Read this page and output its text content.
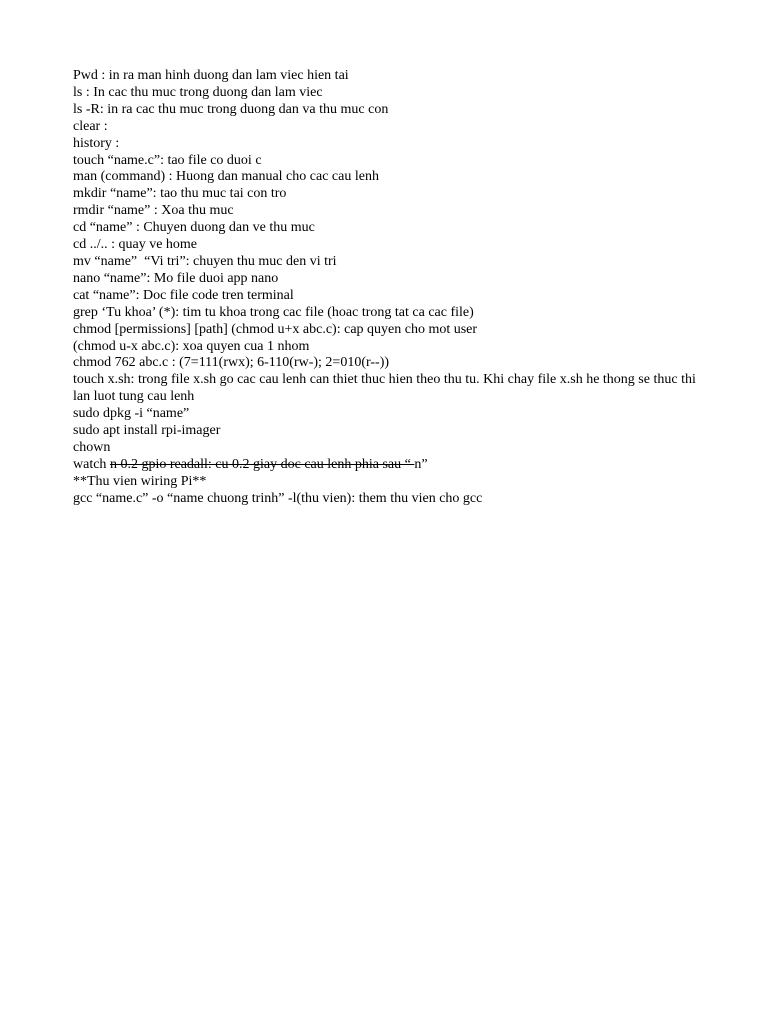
Pwd : in ra man hinh duong dan lam viec hien tai

ls : In cac thu muc trong duong dan lam viec

ls -R: in ra cac thu muc trong duong dan va thu muc con

clear :

history :

touch “name.c”: tao file co duoi c

man (command) : Huong dan manual cho cac cau lenh

mkdir “name”: tao thu muc tai con tro

rmdir “name” : Xoa thu muc

cd “name” : Chuyen duong dan ve thu muc

cd ../.. : quay ve home

mv “name”  “Vi tri”: chuyen thu muc den vi tri

nano “name”: Mo file duoi app nano

cat “name”: Doc file code tren terminal

grep ‘Tu khoa’ (*): tim tu khoa trong cac file (hoac trong tat ca cac file)

chmod [permissions] [path] (chmod u+x abc.c): cap quyen cho mot user

(chmod u-x abc.c): xoa quyen cua 1 nhom

chmod 762 abc.c : (7=111(rwx); 6-110(rw-); 2=010(r--))

touch x.sh: trong file x.sh go cac cau lenh can thiet thuc hien theo thu tu. Khi chay file x.sh he thong se thuc thi lan luot tung cau lenh

sudo dpkg -i “name”

sudo apt install rpi-imager

chown

watch n 0.2 gpio readall: cu 0.2 giay doc cau lenh phia sau “ n”

**Thu vien wiring Pi**

gcc “name.c” -o “name chuong trinh” -l(thu vien): them thu vien cho gcc
